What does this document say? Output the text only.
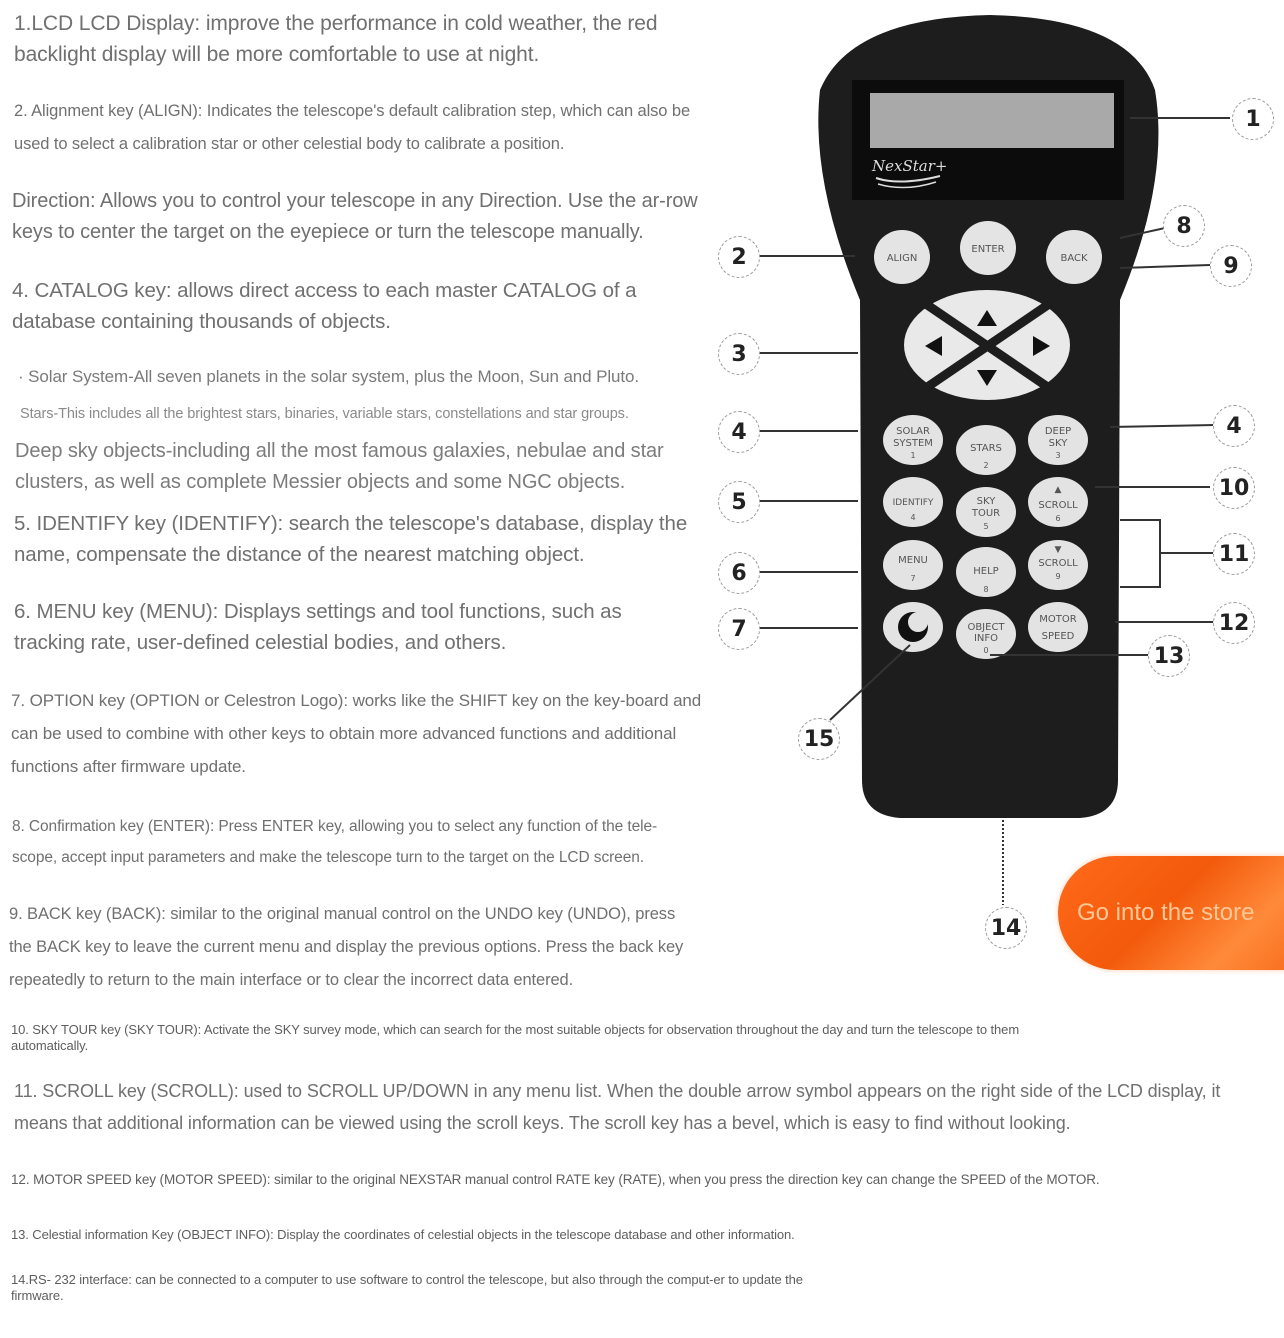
1.LCD LCD Display: improve the performance in cold weather, the red backlight display will be more comfortable to use at night.

2. Alignment key (ALIGN): Indicates the telescope's default calibration step, which can also be used to select a calibration star or other celestial body to calibrate a position.

Direction: Allows you to control your telescope in any Direction. Use the ar-row keys to center the target on the eyepiece or turn the telescope manually.

4. CATALOG key: allows direct access to each master CATALOG of a database containing thousands of objects.

· Solar System-All seven planets in the solar system, plus the Moon, Sun and Pluto.

Stars-This includes all the brightest stars, binaries, variable stars, constellations and star groups.

Deep sky objects-including all the most famous galaxies, nebulae and star clusters, as well as complete Messier objects and some NGC objects.

5. IDENTIFY key (IDENTIFY): search the telescope's database, display the name, compensate the distance of the nearest matching object.

6. MENU key (MENU): Displays settings and tool functions, such as tracking rate, user-defined celestial bodies, and others.

7. OPTION key (OPTION or Celestron Logo): works like the SHIFT key on the key-board and can be used to combine with other keys to obtain more advanced functions and additional functions after firmware update.

8. Confirmation key (ENTER): Press ENTER key, allowing you to select any function of the tele-scope, accept input parameters and make the telescope turn to the target on the LCD screen.

9. BACK key (BACK): similar to the original manual control on the UNDO key (UNDO), press the BACK key to leave the current menu and display the previous options. Press the back key repeatedly to return to the main interface or to clear the incorrect data entered.

10. SKY TOUR key (SKY TOUR): Activate the SKY survey mode, which can search for the most suitable objects for observation throughout the day and turn the telescope to them automatically.

11. SCROLL key (SCROLL): used to SCROLL UP/DOWN in any menu list. When the double arrow symbol appears on the right side of the LCD display, it means that additional information can be viewed using the scroll keys. The scroll key has a bevel, which is easy to find without looking.

12. MOTOR SPEED key (MOTOR SPEED): similar to the original NEXSTAR manual control RATE key (RATE), when you press the direction key can change the SPEED of the MOTOR.

13. Celestial information Key (OBJECT INFO): Display the coordinates of celestial objects in the telescope database and other information.

14.RS- 232 interface: can be connected to a computer to use software to control the telescope, but also through the comput-er to update the firmware.

NexStar+
ALIGN
ENTER
BACK
SOLAR
SYSTEM
1
STARS
2
DEEP
SKY
3
IDENTIFY
4
SKY
TOUR
5
▲
SCROLL
6
MENU
7
HELP
8
▼
SCROLL
9
OBJECT
INFO
0
MOTOR
SPEED
1
2
3
4	4
5
6
7
8
9
10
11
12
13
14
15
Go into the store
